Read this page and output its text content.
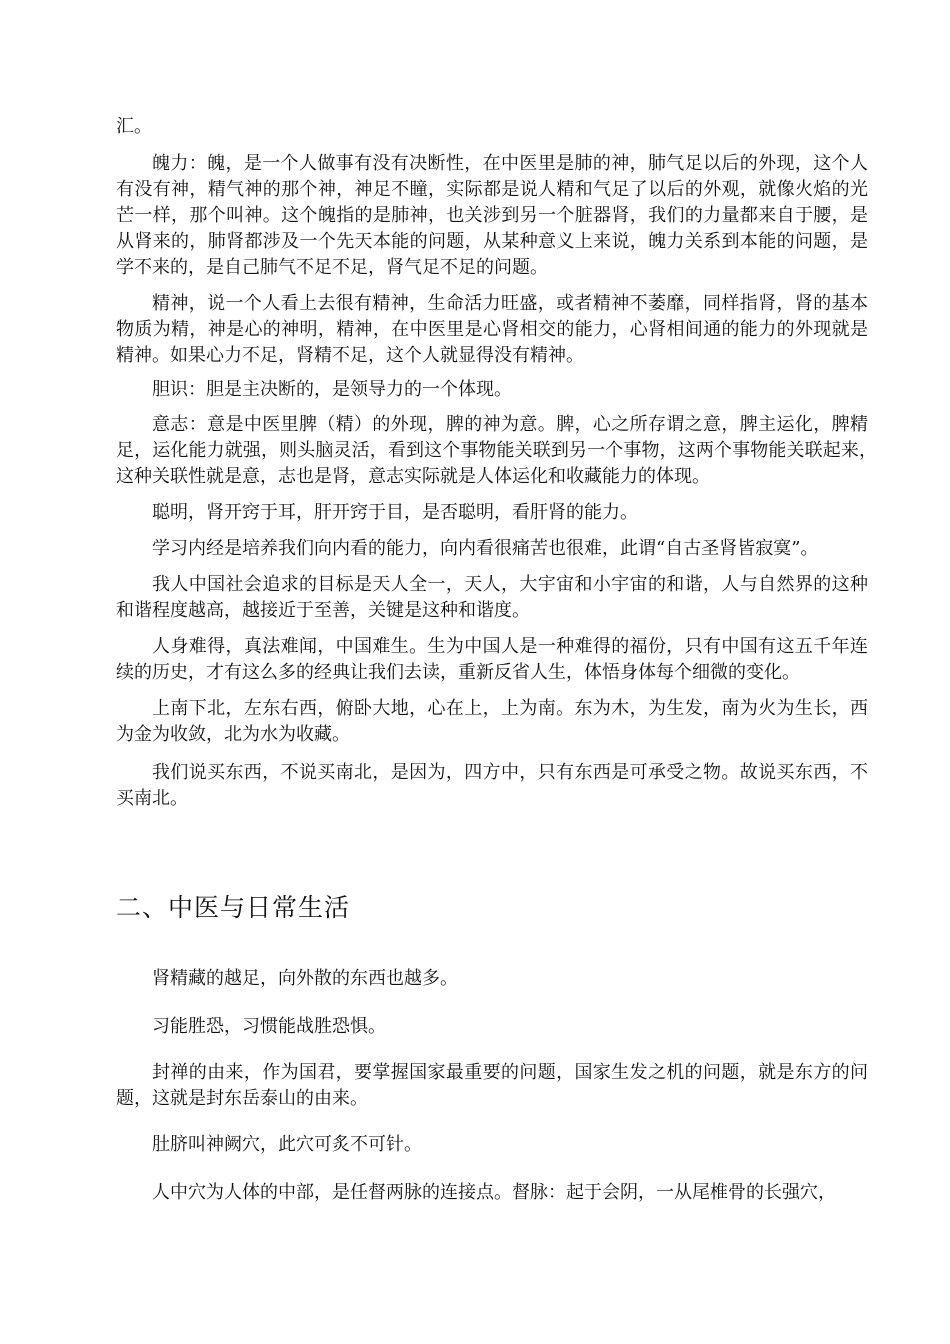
汇。

魄力：魄，是一个人做事有没有决断性，在中医里是肺的神，肺气足以后的外现，这个人有没有神，精气神的那个神，神足不瞳，实际都是说人精和气足了以后的外观，就像火焰的光芒一样，那个叫神。这个魄指的是肺神，也关涉到另一个脏器肾，我们的力量都来自于腰，是从肾来的，肺肾都涉及一个先天本能的问题，从某种意义上来说，魄力关系到本能的问题，是学不来的，是自己肺气不足不足，肾气足不足的问题。

精神，说一个人看上去很有精神，生命活力旺盛，或者精神不萎靡，同样指肾，肾的基本物质为精，神是心的神明，精神，在中医里是心肾相交的能力，心肾相间通的能力的外现就是精神。如果心力不足，肾精不足，这个人就显得没有精神。

胆识：胆是主决断的，是领导力的一个体现。

意志：意是中医里脾（精）的外现，脾的神为意。脾，心之所存谓之意，脾主运化，脾精足，运化能力就强，则头脑灵活，看到这个事物能关联到另一个事物，这两个事物能关联起来，　这种关联性就是意，志也是肾，意志实际就是人体运化和收藏能力的体现。

聪明，肾开窍于耳，肝开窍于目，是否聪明，看肝肾的能力。

学习内经是培养我们向内看的能力，向内看很痛苦也很难，此谓“自古圣肾皆寂寞”。

我人中国社会追求的目标是天人全一，天人，大宇宙和小宇宙的和谐，人与自然界的这种和谐程度越高，越接近于至善，关键是这种和谐度。

人身难得，真法难闻，中国难生。生为中国人是一种难得的福份，只有中国有这五千年连续的历史，才有这么多的经典让我们去读，重新反省人生，体悟身体每个细微的变化。

上南下北，左东右西，俯卧大地，心在上，上为南。东为木，为生发，南为火为生长，西为金为收敛，北为水为收藏。

我们说买东西，不说买南北，是因为，四方中，只有东西是可承受之物。故说买东西，不买南北。

二、中医与日常生活

肾精藏的越足，向外散的东西也越多。

习能胜恐，习惯能战胜恐惧。

封禅的由来，作为国君，要掌握国家最重要的问题，国家生发之机的问题，就是东方的问题，这就是封东岳泰山的由来。

肚脐叫神阙穴，此穴可炙不可针。

人中穴为人体的中部，是任督两脉的连接点。督脉：起于会阴，一从尾椎骨的长强穴，
